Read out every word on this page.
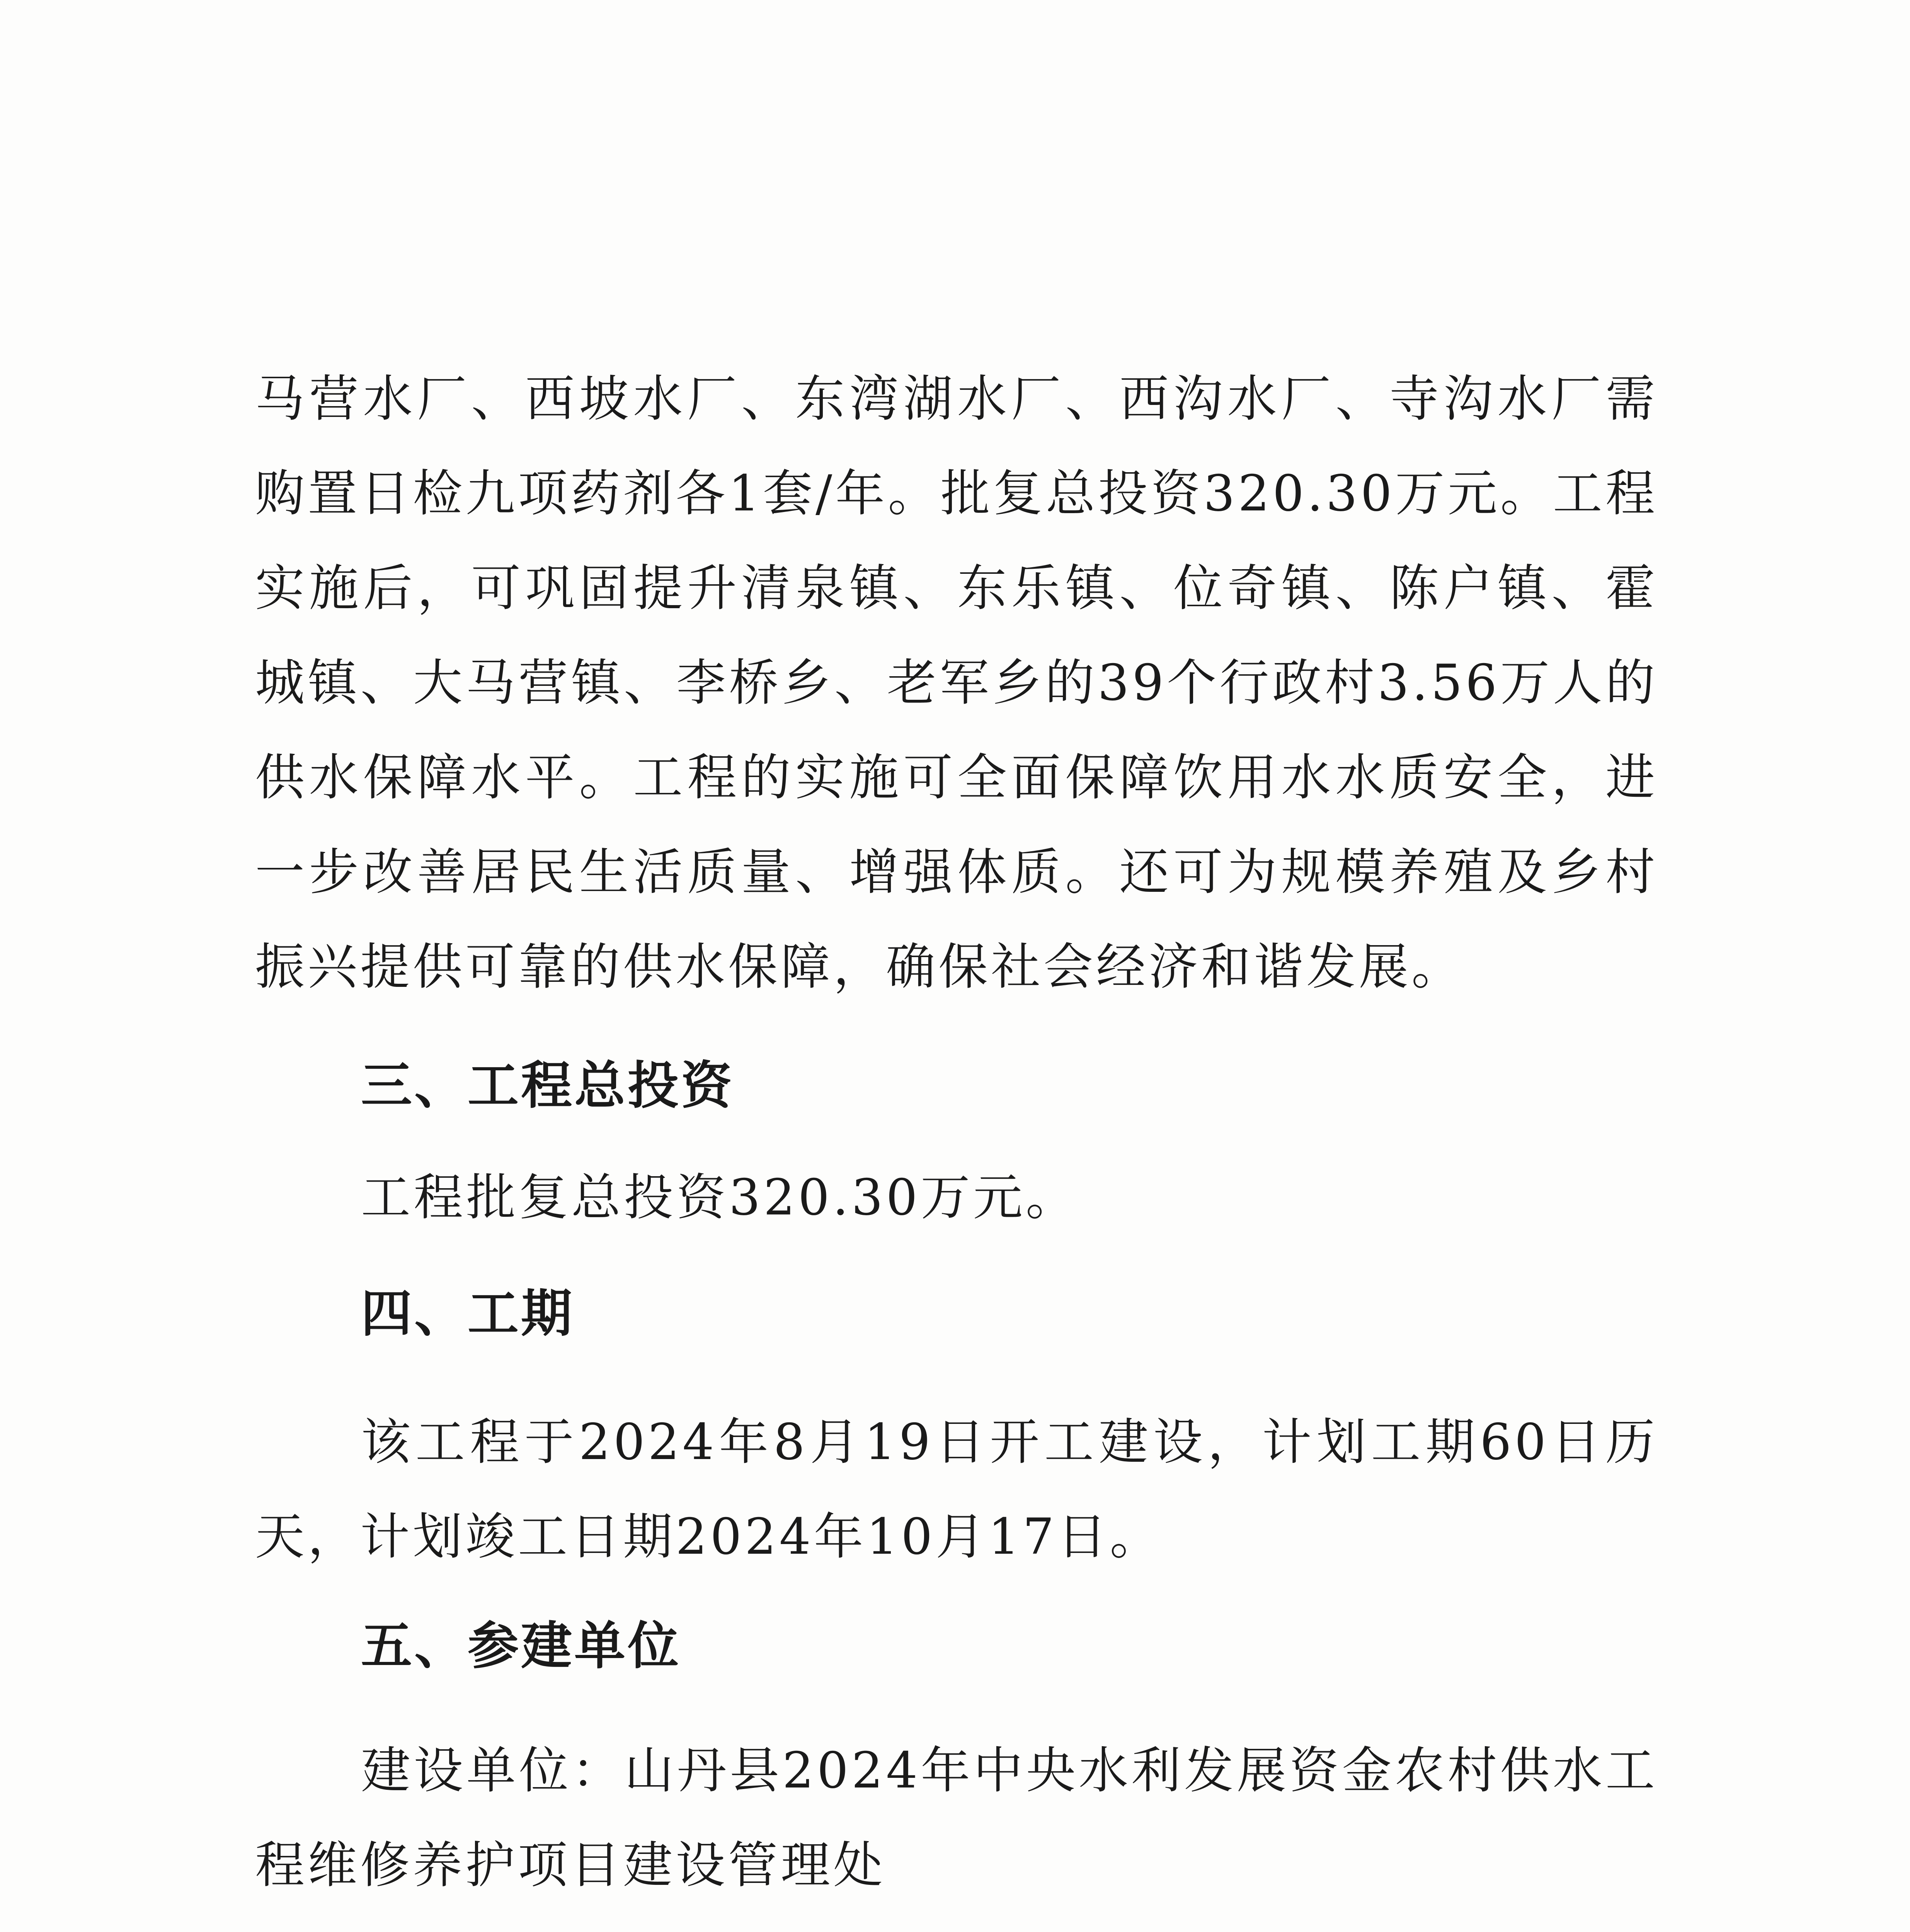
马营水厂、西坡水厂、东湾湖水厂、西沟水厂、寺沟水厂需购置日检九项药剂各1套/年。批复总投资320.30万元。工程实施后，可巩固提升清泉镇、东乐镇、位奇镇、陈户镇、霍城镇、大马营镇、李桥乡、老军乡的39个行政村3.56万人的供水保障水平。工程的实施可全面保障饮用水水质安全，进一步改善居民生活质量、增强体质。还可为规模养殖及乡村振兴提供可靠的供水保障，确保社会经济和谐发展。
三、工程总投资
工程批复总投资320.30万元。
四、工期
该工程于2024年8月19日开工建设，计划工期60日历天，计划竣工日期2024年10月17日。
五、参建单位
建设单位：山丹县2024年中央水利发展资金农村供水工程维修养护项目建设管理处
